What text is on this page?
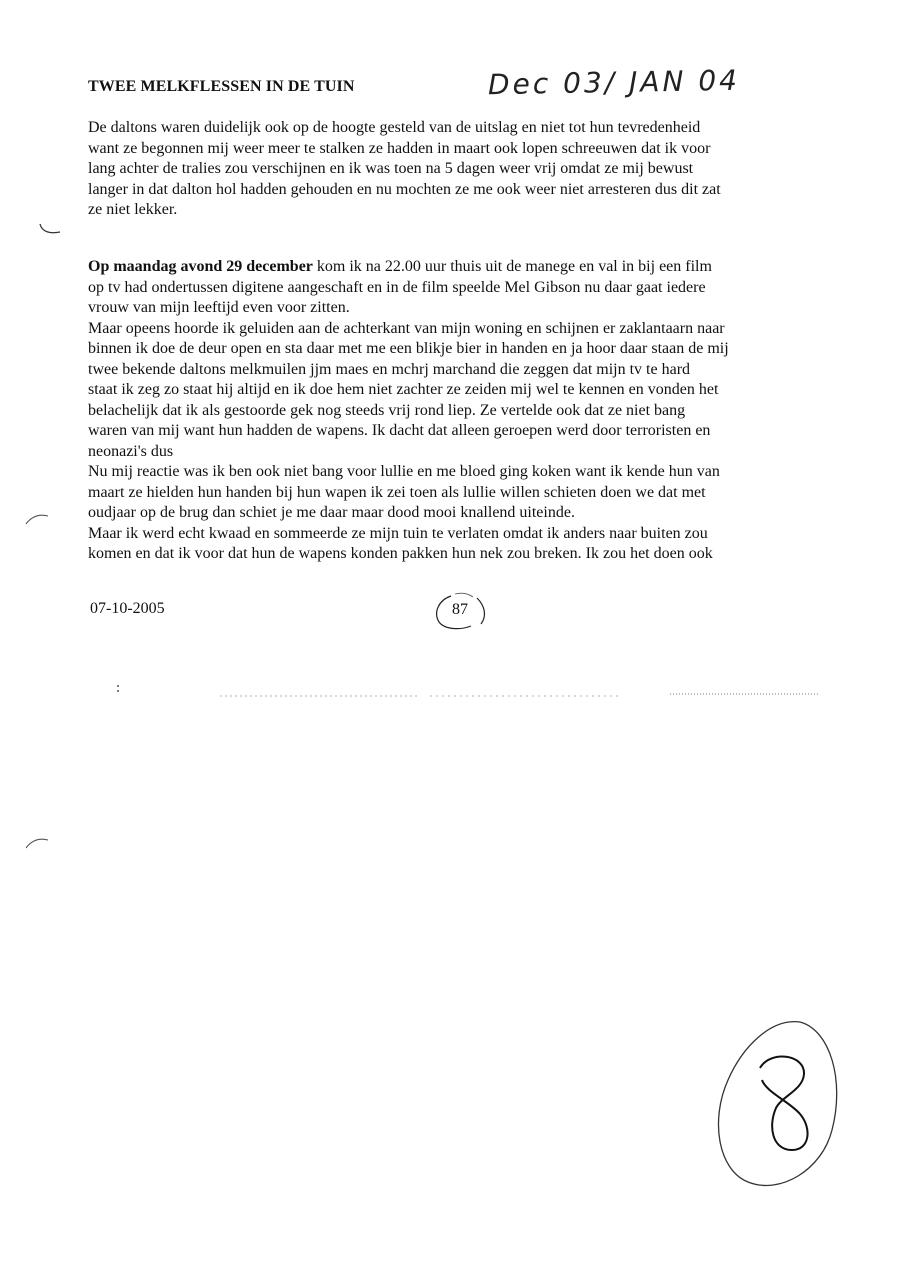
TWEE MELKFLESSEN IN DE TUIN	Dec 03/ JAN 04
De daltons waren duidelijk ook op de hoogte gesteld van de uitslag en niet tot hun tevredenheid
want ze begonnen mij weer meer te stalken ze hadden in maart ook lopen schreeuwen dat ik voor
lang achter de tralies zou verschijnen en ik was toen na 5 dagen weer vrij omdat ze mij bewust
langer in dat dalton hol hadden gehouden en nu mochten ze me ook weer niet arresteren dus dit zat
ze niet lekker.
Op maandag avond 29 december kom ik na 22.00 uur thuis uit de manege en val in bij een film
op tv had ondertussen digitene aangeschaft en in de film speelde Mel Gibson nu daar gaat iedere
vrouw van mijn leeftijd even voor zitten.
Maar opeens hoorde ik geluiden aan de achterkant van mijn woning en schijnen er zaklantaarn naar
binnen ik doe de deur open en sta daar met me een blikje bier in handen en ja hoor daar staan de mij
twee bekende daltons melkmuilen jjm maes en mchrj marchand die zeggen dat mijn tv te hard
staat ik zeg zo staat hij altijd en ik doe hem niet zachter ze zeiden mij wel te kennen en vonden het
belachelijk dat ik als gestoorde gek nog steeds vrij rond liep. Ze vertelde ook dat ze niet bang
waren van mij want hun hadden de wapens. Ik dacht dat alleen geroepen werd door terroristen en
neonazi's dus
Nu mij reactie was ik ben ook niet bang voor lullie en me bloed ging koken want ik kende hun van
maart ze hielden hun handen bij hun wapen ik zei toen als lullie willen schieten doen we dat met
oudjaar op de brug dan schiet je me daar maar dood mooi knallend uiteinde.
Maar ik werd echt kwaad en sommeerde ze mijn tuin te verlaten omdat ik anders naar buiten zou
komen en dat ik voor dat hun de wapens konden pakken hun nek zou breken. Ik zou het doen ook
07-10-2005	87
8
